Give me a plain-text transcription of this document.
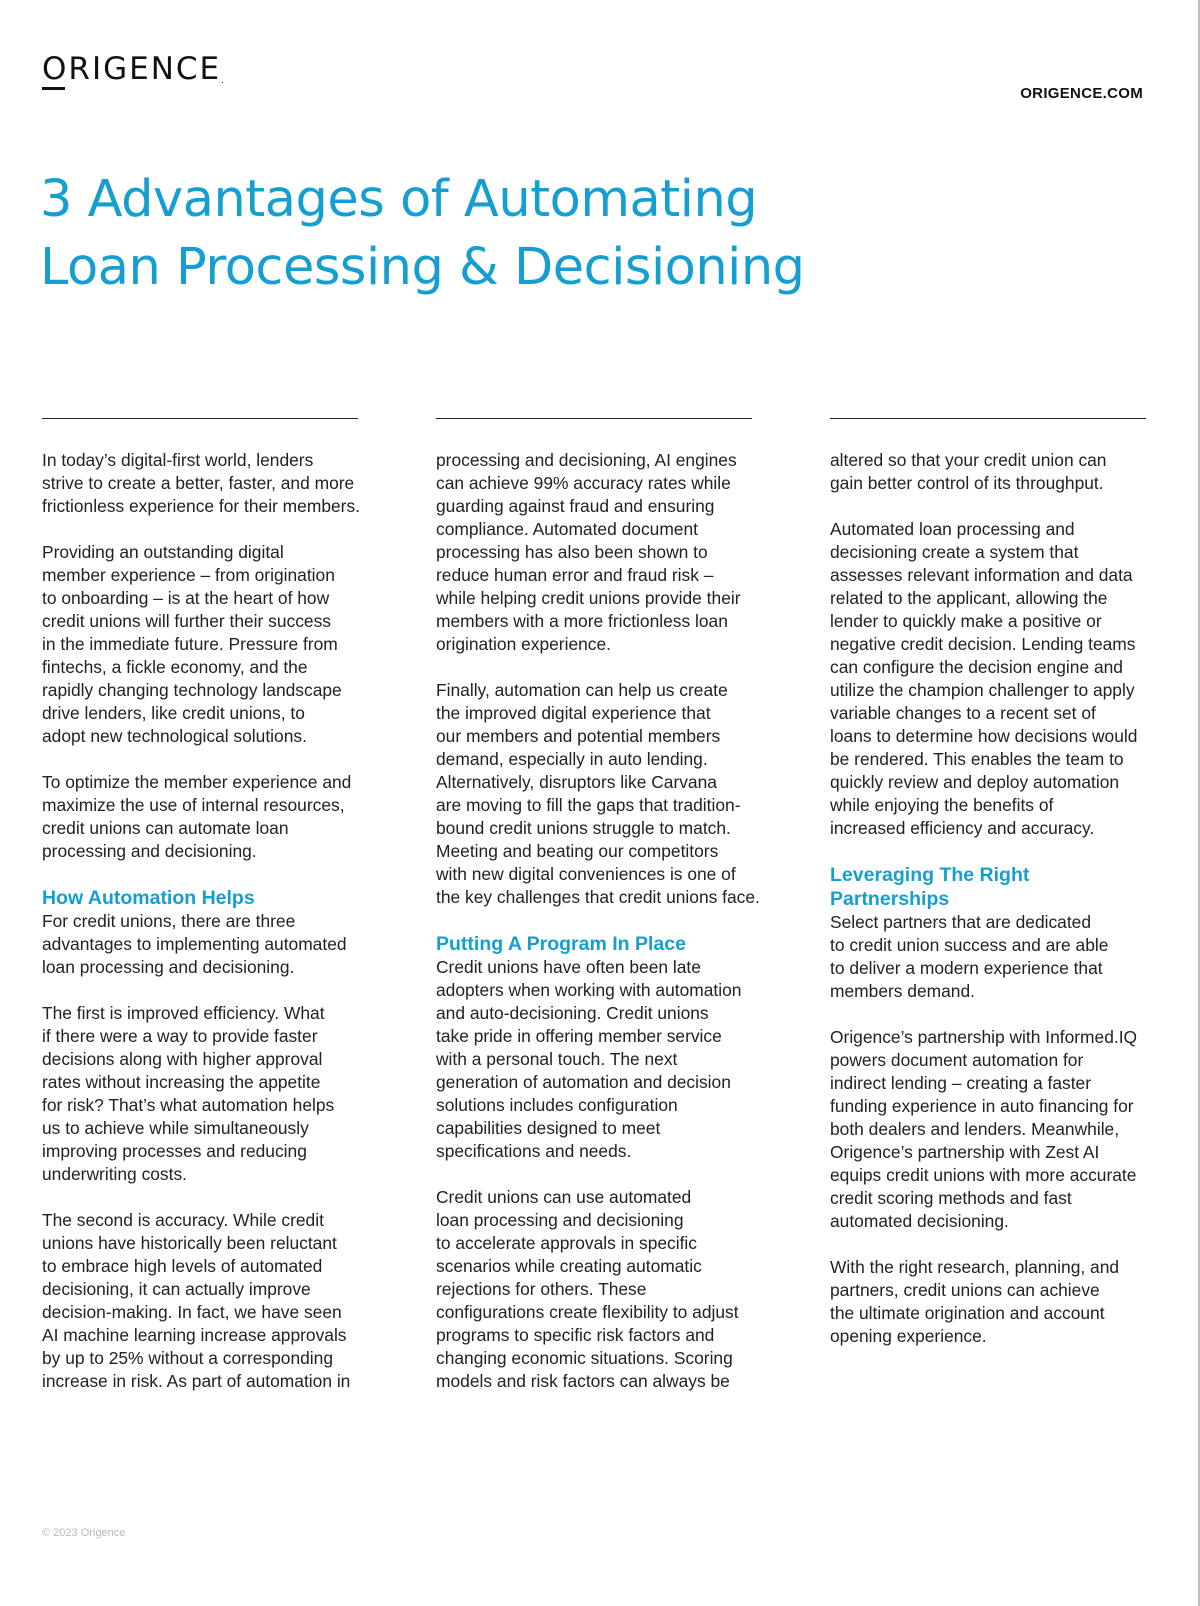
ORIGENCE.
ORIGENCE.COM
3 Advantages of Automating
Loan Processing & Decisioning

In today’s digital-first world, lenders
strive to create a better, faster, and more
frictionless experience for their members.

Providing an outstanding digital
member experience – from origination
to onboarding – is at the heart of how
credit unions will further their success
in the immediate future. Pressure from
fintechs, a fickle economy, and the
rapidly changing technology landscape
drive lenders, like credit unions, to
adopt new technological solutions.

To optimize the member experience and
maximize the use of internal resources,
credit unions can automate loan
processing and decisioning.

How Automation Helps

For credit unions, there are three
advantages to implementing automated
loan processing and decisioning.

The first is improved efficiency. What
if there were a way to provide faster
decisions along with higher approval
rates without increasing the appetite
for risk? That’s what automation helps
us to achieve while simultaneously
improving processes and reducing
underwriting costs.

The second is accuracy. While credit
unions have historically been reluctant
to embrace high levels of automated
decisioning, it can actually improve
decision-making. In fact, we have seen
AI machine learning increase approvals
by up to 25% without a corresponding
increase in risk. As part of automation in

processing and decisioning, AI engines
can achieve 99% accuracy rates while
guarding against fraud and ensuring
compliance. Automated document
processing has also been shown to
reduce human error and fraud risk –
while helping credit unions provide their
members with a more frictionless loan
origination experience.

Finally, automation can help us create
the improved digital experience that
our members and potential members
demand, especially in auto lending.
Alternatively, disruptors like Carvana
are moving to fill the gaps that tradition-
bound credit unions struggle to match.
Meeting and beating our competitors
with new digital conveniences is one of
the key challenges that credit unions face.

Putting A Program In Place

Credit unions have often been late
adopters when working with automation
and auto-decisioning. Credit unions
take pride in offering member service
with a personal touch. The next
generation of automation and decision
solutions includes configuration
capabilities designed to meet
specifications and needs.

Credit unions can use automated
loan processing and decisioning
to accelerate approvals in specific
scenarios while creating automatic
rejections for others. These
configurations create flexibility to adjust
programs to specific risk factors and
changing economic situations. Scoring
models and risk factors can always be

altered so that your credit union can
gain better control of its throughput.

Automated loan processing and
decisioning create a system that
assesses relevant information and data
related to the applicant, allowing the
lender to quickly make a positive or
negative credit decision. Lending teams
can configure the decision engine and
utilize the champion challenger to apply
variable changes to a recent set of
loans to determine how decisions would
be rendered. This enables the team to
quickly review and deploy automation
while enjoying the benefits of
increased efficiency and accuracy.

Leveraging The Right
Partnerships

Select partners that are dedicated
to credit union success and are able
to deliver a modern experience that
members demand.

Origence’s partnership with Informed.IQ
powers document automation for
indirect lending – creating a faster
funding experience in auto financing for
both dealers and lenders. Meanwhile,
Origence’s partnership with Zest AI
equips credit unions with more accurate
credit scoring methods and fast
automated decisioning.

With the right research, planning, and
partners, credit unions can achieve
the ultimate origination and account
opening experience.

© 2023 Origence
